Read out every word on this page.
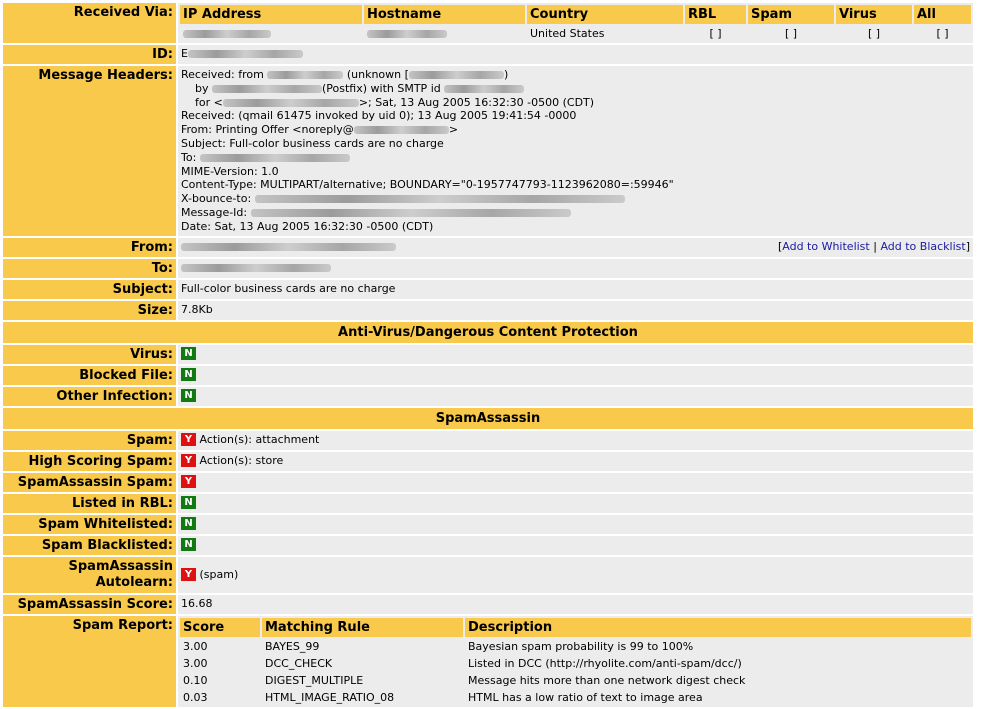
Received Via: IP Address	Hostname	Country	RBL	Spam	Virus	All
		United States	[ ]	[ ]	[ ]	[ ]
ID: E
Message Headers: Received: from	(unknown [	)
by	(Postfix) with SMTP id
for <	>; Sat, 13 Aug 2005 16:32:30 -0500 (CDT)
Received: (qmail 61475 invoked by uid 0); 13 Aug 2005 19:41:54 -0000
From: Printing Offer <noreply@	>
Subject: Full-color business cards are no charge
To:
MIME-Version: 1.0
Content-Type: MULTIPART/alternative; BOUNDARY="0-1957747793-1123962080=:59946"
X-bounce-to:
Message-Id:
Date: Sat, 13 Aug 2005 16:32:30 -0500 (CDT)
From:	[Add to Whitelist | Add to Blacklist]
To:
Subject: Full-color business cards are no charge
Size: 7.8Kb
Anti-Virus/Dangerous Content Protection
Virus:	N
Blocked File:	N
Other Infection:	N
SpamAssassin
Spam:	Y Action(s): attachment
High Scoring Spam:	Y Action(s): store
SpamAssassin Spam:	Y
Listed in RBL:	N
Spam Whitelisted:	N
Spam Blacklisted:	N
SpamAssassin
Autolearn:	Y
(spam)
SpamAssassin Score: 16.68
Spam Report: Score	Matching Rule	Description
3.00	BAYES_99	Bayesian spam probability is 99 to 100%
3.00	DCC_CHECK	Listed in DCC (http://rhyolite.com/anti-spam/dcc/)
0.10	DIGEST_MULTIPLE	Message hits more than one network digest check
0.03	HTML_IMAGE_RATIO_08	HTML has a low ratio of text to image area
